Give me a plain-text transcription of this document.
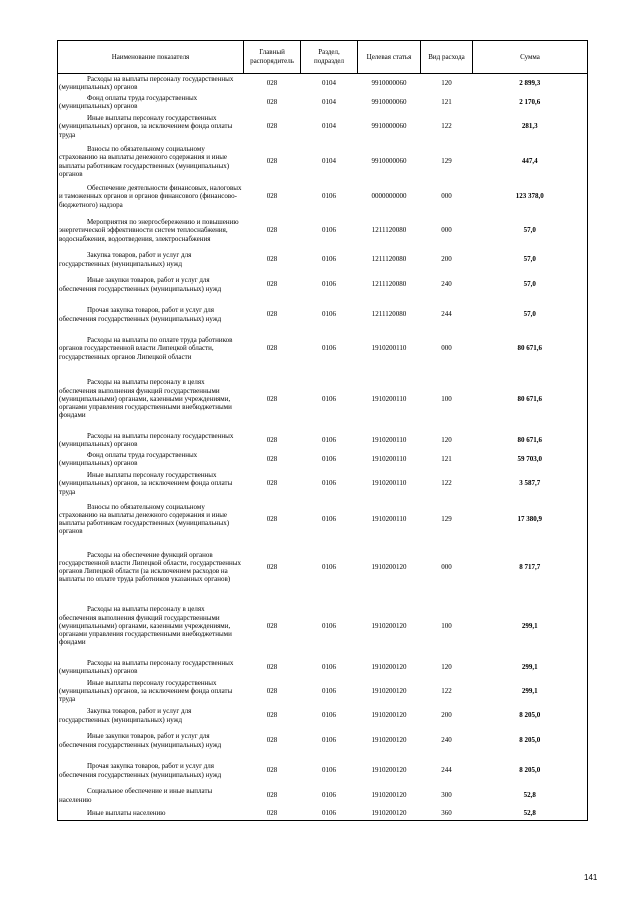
Наименование показателя	Главный распорядитель	Раздел, подраздел	Целевая статья	Вид расхода	Сумма
Расходы на выплаты персоналу государственных (муниципальных) органов	028	0104	9910000060	120	2 899,3
Фонд оплаты труда государственных (муниципальных) органов	028	0104	9910000060	121	2 170,6
Иные выплаты персоналу государственных (муниципальных) органов, за исключением фонда оплаты труда	028	0104	9910000060	122	281,3
Взносы по обязательному социальному страхованию на выплаты денежного содержания и иные выплаты работникам государственных (муниципальных) органов	028	0104	9910000060	129	447,4
Обеспечение деятельности финансовых, налоговых и таможенных органов и органов финансового (финансово-бюджетного) надзора	028	0106	0000000000	000	123 378,0
Мероприятия по энергосбережению и повышению энергетической эффективности систем теплоснабжения, водоснабжения, водоотведения, электроснабжения	028	0106	1211120080	000	57,0
Закупка товаров, работ и услуг для государственных (муниципальных) нужд	028	0106	1211120080	200	57,0
Иные закупки товаров, работ и услуг для обеспечения государственных (муниципальных) нужд	028	0106	1211120080	240	57,0
Прочая закупка товаров, работ и услуг для обеспечения государственных (муниципальных) нужд	028	0106	1211120080	244	57,0
Расходы на выплаты по оплате труда работников органов государственной власти Липецкой области, государственных органов Липецкой области	028	0106	1910200110	000	80 671,6
Расходы на выплаты персоналу в целях обеспечения выполнения функций государственными (муниципальными) органами, казенными учреждениями, органами управления государственными внебюджетными фондами	028	0106	1910200110	100	80 671,6
Расходы на выплаты персоналу государственных (муниципальных) органов	028	0106	1910200110	120	80 671,6
Фонд оплаты труда государственных (муниципальных) органов	028	0106	1910200110	121	59 703,0
Иные выплаты персоналу государственных (муниципальных) органов, за исключением фонда оплаты труда	028	0106	1910200110	122	3 587,7
Взносы по обязательному социальному страхованию на выплаты денежного содержания и иные выплаты работникам государственных (муниципальных) органов	028	0106	1910200110	129	17 380,9
Расходы на обеспечение функций органов государственной власти Липецкой области, государственных органов Липецкой области (за исключением расходов на выплаты по оплате труда работников указанных органов)	028	0106	1910200120	000	8 717,7
Расходы на выплаты персоналу в целях обеспечения выполнения функций государственными (муниципальными) органами, казенными учреждениями, органами управления государственными внебюджетными фондами	028	0106	1910200120	100	299,1
Расходы на выплаты персоналу государственных (муниципальных) органов	028	0106	1910200120	120	299,1
Иные выплаты персоналу государственных (муниципальных) органов, за исключением фонда оплаты труда	028	0106	1910200120	122	299,1
Закупка товаров, работ и услуг для государственных (муниципальных) нужд	028	0106	1910200120	200	8 205,0
Иные закупки товаров, работ и услуг для обеспечения государственных (муниципальных) нужд	028	0106	1910200120	240	8 205,0
Прочая закупка товаров, работ и услуг для обеспечения государственных (муниципальных) нужд	028	0106	1910200120	244	8 205,0
Социальное обеспечение и иные выплаты населению	028	0106	1910200120	300	52,8
Иные выплаты населению	028	0106	1910200120	360	52,8
141
